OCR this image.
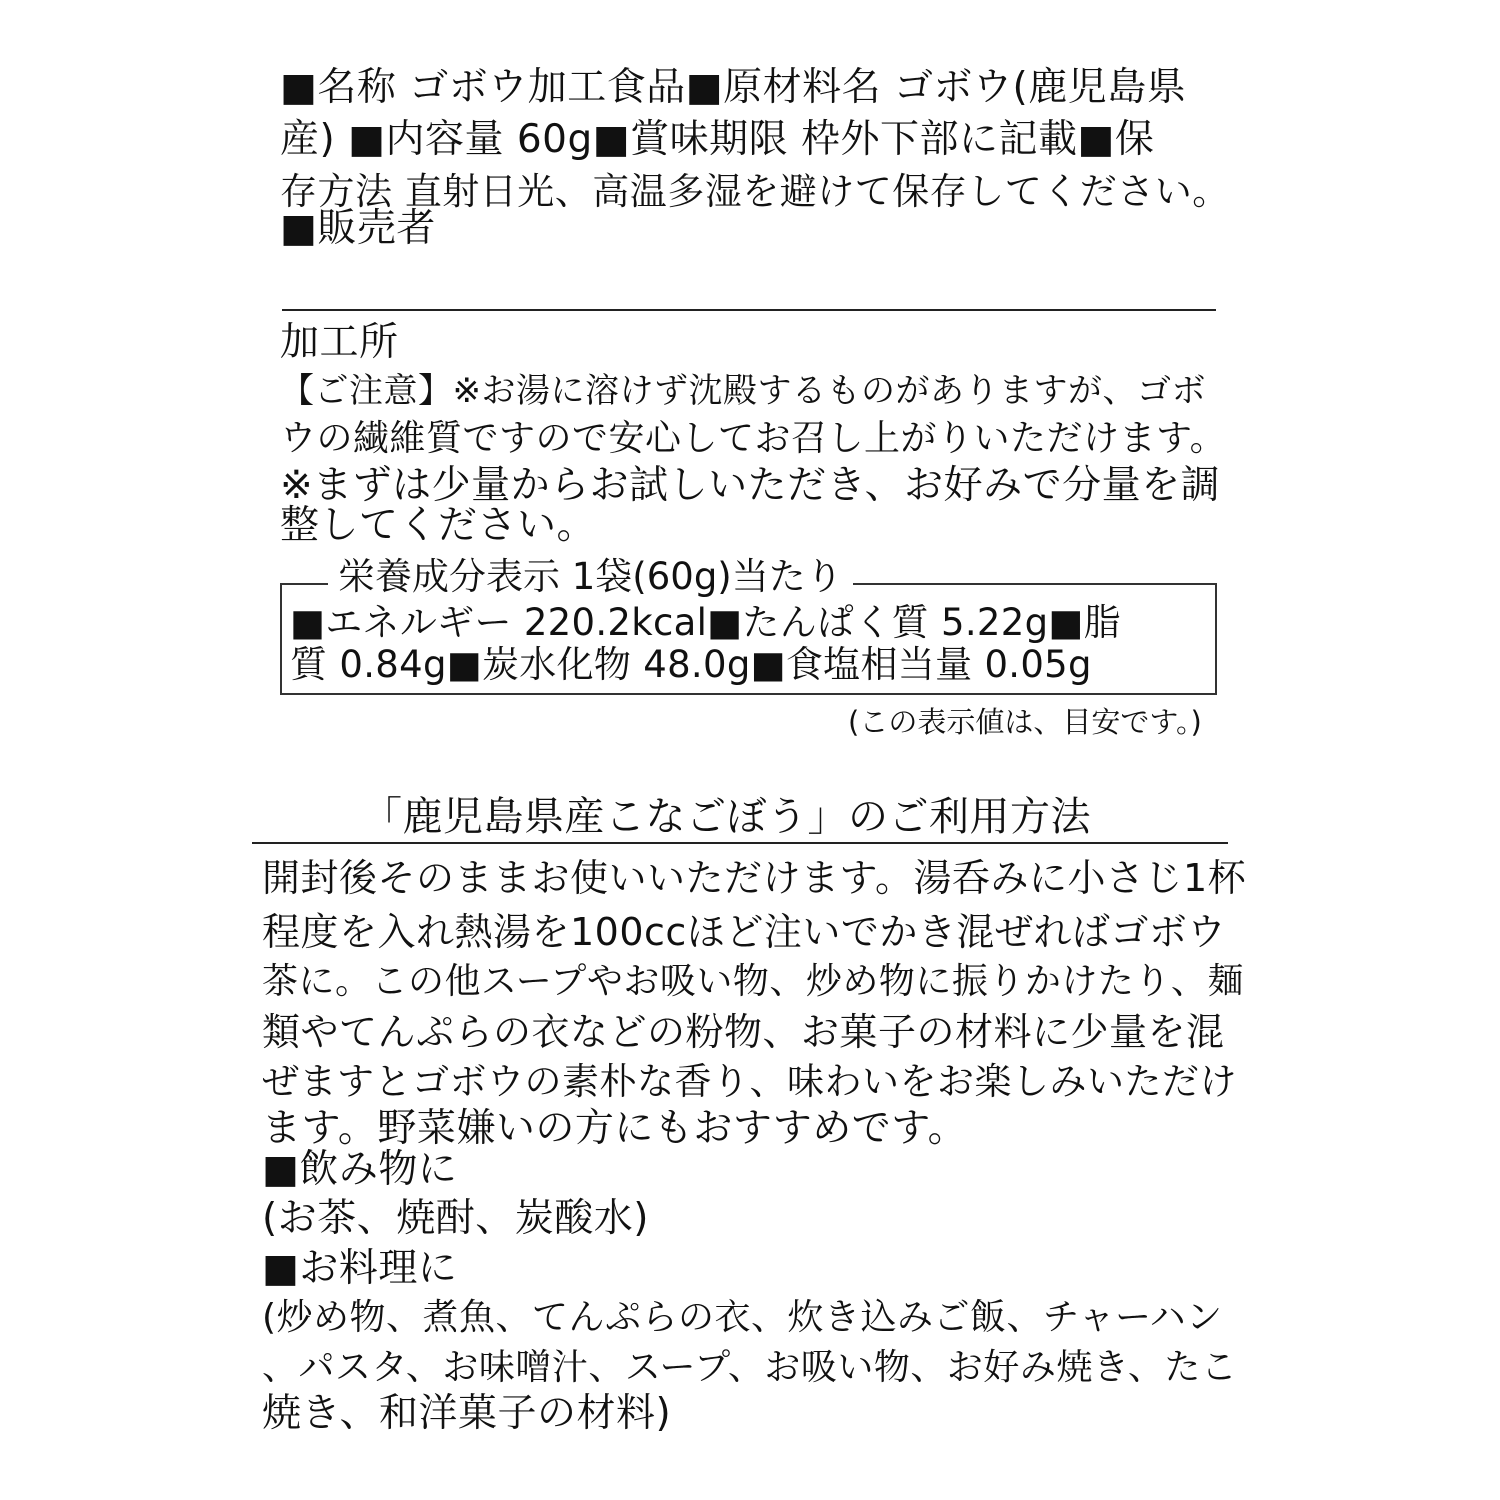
■名称 ゴボウ加工食品■原材料名 ゴボウ(鹿児島県
産) ■内容量 60g■賞味期限 枠外下部に記載■保
存方法 直射日光、高温多湿を避けて保存してください。
■販売者
加工所
【ご注意】※お湯に溶けず沈殿するものがありますが、ゴボ
ウの繊維質ですので安心してお召し上がりいただけます。
※まずは少量からお試しいただき、お好みで分量を調
整してください。
栄養成分表示 1袋(60g)当たり
■エネルギー 220.2kcal■たんぱく質 5.22g■脂
質 0.84g■炭水化物 48.0g■食塩相当量 0.05g
(この表示値は、目安です。)
「鹿児島県産こなごぼう」のご利用方法
開封後そのままお使いいただけます。湯呑みに小さじ1杯
程度を入れ熱湯を100ccほど注いでかき混ぜればゴボウ
茶に。この他スープやお吸い物、炒め物に振りかけたり、麺
類やてんぷらの衣などの粉物、お菓子の材料に少量を混
ぜますとゴボウの素朴な香り、味わいをお楽しみいただけ
ます。野菜嫌いの方にもおすすめです。
■飲み物に
(お茶、焼酎、炭酸水)
■お料理に
(炒め物、煮魚、てんぷらの衣、炊き込みご飯、チャーハン
、パスタ、お味噌汁、スープ、お吸い物、お好み焼き、たこ
焼き、和洋菓子の材料)
